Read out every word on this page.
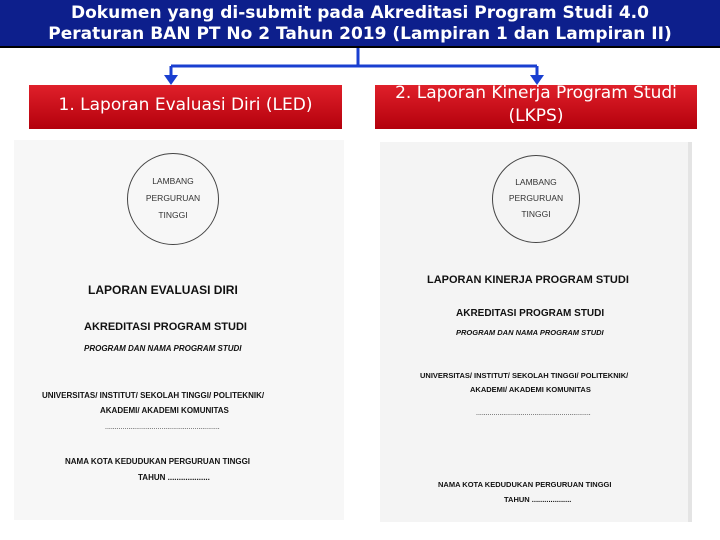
Dokumen yang di-submit pada Akreditasi Program Studi 4.0
Peraturan BAN PT No 2 Tahun 2019 (Lampiran 1 dan Lampiran II)
1. Laporan Evaluasi Diri (LED)
2. Laporan Kinerja Program Studi
(LKPS)
LAMBANG
PERGURUAN
TINGGI
LAPORAN EVALUASI DIRI
AKREDITASI PROGRAM STUDI
PROGRAM DAN NAMA PROGRAM STUDI
UNIVERSITAS/ INSTITUT/ SEKOLAH TINGGI/ POLITEKNIK/
AKADEMI/ AKADEMI KOMUNITAS
...........................................................
NAMA KOTA KEDUDUKAN PERGURUAN TINGGI
TAHUN ...................
LAMBANG
PERGURUAN
TINGGI
LAPORAN KINERJA PROGRAM STUDI
AKREDITASI PROGRAM STUDI
PROGRAM DAN NAMA PROGRAM STUDI
UNIVERSITAS/ INSTITUT/ SEKOLAH TINGGI/ POLITEKNIK/
AKADEMI/ AKADEMI KOMUNITAS
...........................................................
NAMA KOTA KEDUDUKAN PERGURUAN TINGGI
TAHUN ...................
